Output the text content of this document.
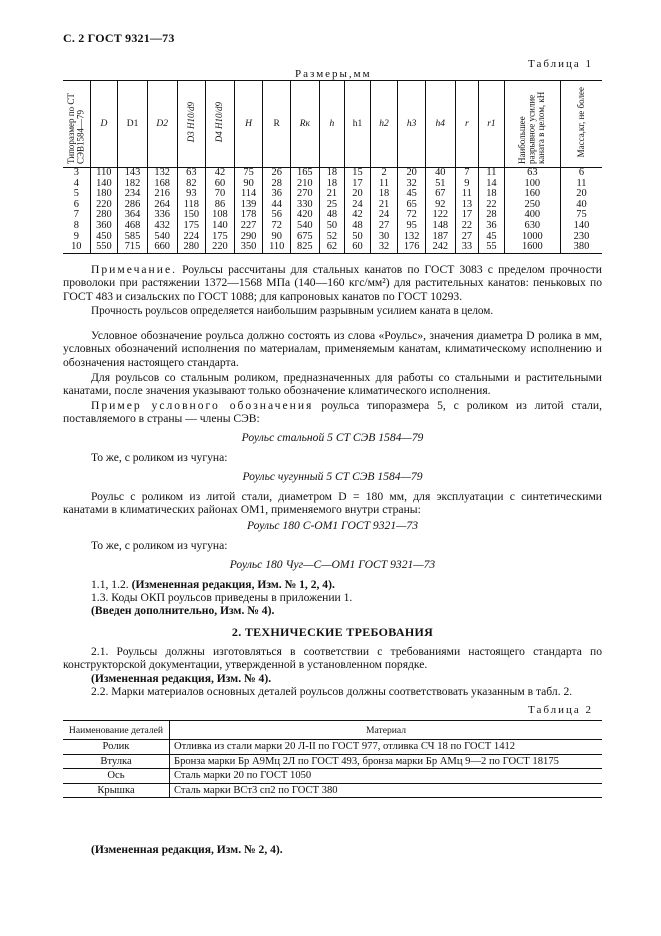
С. 2 ГОСТ 9321—73
Таблица 1
Размеры,мм
Типоразмер по СТ СЭВ1584—79	D	D1	D2	D3 H10/d9	D4 H10/d9	H	R	Rк	h	h1	h2	h3	h4	r	r1	Наибольшее разрывное усилие каната в целом, кН	Масса,кг, не более
3	110	143	132	63	42	75	26	165	18	15	2	20	40	7	11	63	6
4	140	182	168	82	60	90	28	210	18	17	11	32	51	9	14	100	11
5	180	234	216	93	70	114	36	270	21	20	18	45	67	11	18	160	20
6	220	286	264	118	86	139	44	330	25	24	21	65	92	13	22	250	40
7	280	364	336	150	108	178	56	420	48	42	24	72	122	17	28	400	75
8	360	468	432	175	140	227	72	540	50	48	27	95	148	22	36	630	140
9	450	585	540	224	175	290	90	675	52	50	30	132	187	27	45	1000	230
10	550	715	660	280	220	350	110	825	62	60	32	176	242	33	55	1600	380
Примечание. Роульсы рассчитаны для стальных канатов по ГОСТ 3083 с пределом прочности проволоки при растяжении 1372—1568 МПа (140—160 кгс/мм²) для растительных канатов: пеньковых по ГОСТ 483 и сизальских по ГОСТ 1088; для капроновых канатов по ГОСТ 10293.
Прочность роульсов определяется наибольшим разрывным усилием каната в целом.
Условное обозначение роульса должно состоять из слова «Роульс», значения диаметра D ролика в мм, условных обозначений исполнения по материалам, применяемым канатам, климатическому исполнению и обозначения настоящего стандарта.
Для роульсов со стальным роликом, предназначенных для работы со стальными и растительными канатами, после значения указывают только обозначение климатического исполнения.
Пример условного обозначения роульса типоразмера 5, с роликом из литой стали, поставляемого в страны — члены СЭВ:
Роульс стальной 5 СТ СЭВ 1584—79
То же, с роликом из чугуна:
Роульс чугунный 5 СТ СЭВ 1584—79
Роульс с роликом из литой стали, диаметром D = 180 мм, для эксплуатации с синтетическими канатами в климатических районах ОМ1, применяемого внутри страны:
Роульс 180 С-ОМ1 ГОСТ 9321—73
То же, с роликом из чугуна:
Роульс 180 Чуг—С—ОМ1 ГОСТ 9321—73
1.1, 1.2. (Измененная редакция, Изм. № 1, 2, 4).
1.3. Коды ОКП роульсов приведены в приложении 1.
(Введен дополнительно, Изм. № 4).
2. ТЕХНИЧЕСКИЕ ТРЕБОВАНИЯ
2.1. Роульсы должны изготовляться в соответствии с требованиями настоящего стандарта по конструкторской документации, утвержденной в установленном порядке.
(Измененная редакция, Изм. № 4).
2.2. Марки материалов основных деталей роульсов должны соответствовать указанным в табл. 2.
Таблица 2
Наименование деталей	Материал
Ролик	Отливка из стали марки 20 Л-II по ГОСТ 977, отливка СЧ 18 по ГОСТ 1412
Втулка	Бронза марки Бр А9Мц 2Л по ГОСТ 493, бронза марки Бр АМц 9—2 по ГОСТ 18175
Ось	Сталь марки 20 по ГОСТ 1050
Крышка	Сталь марки ВСт3 сп2 по ГОСТ 380
(Измененная редакция, Изм. № 2, 4).
